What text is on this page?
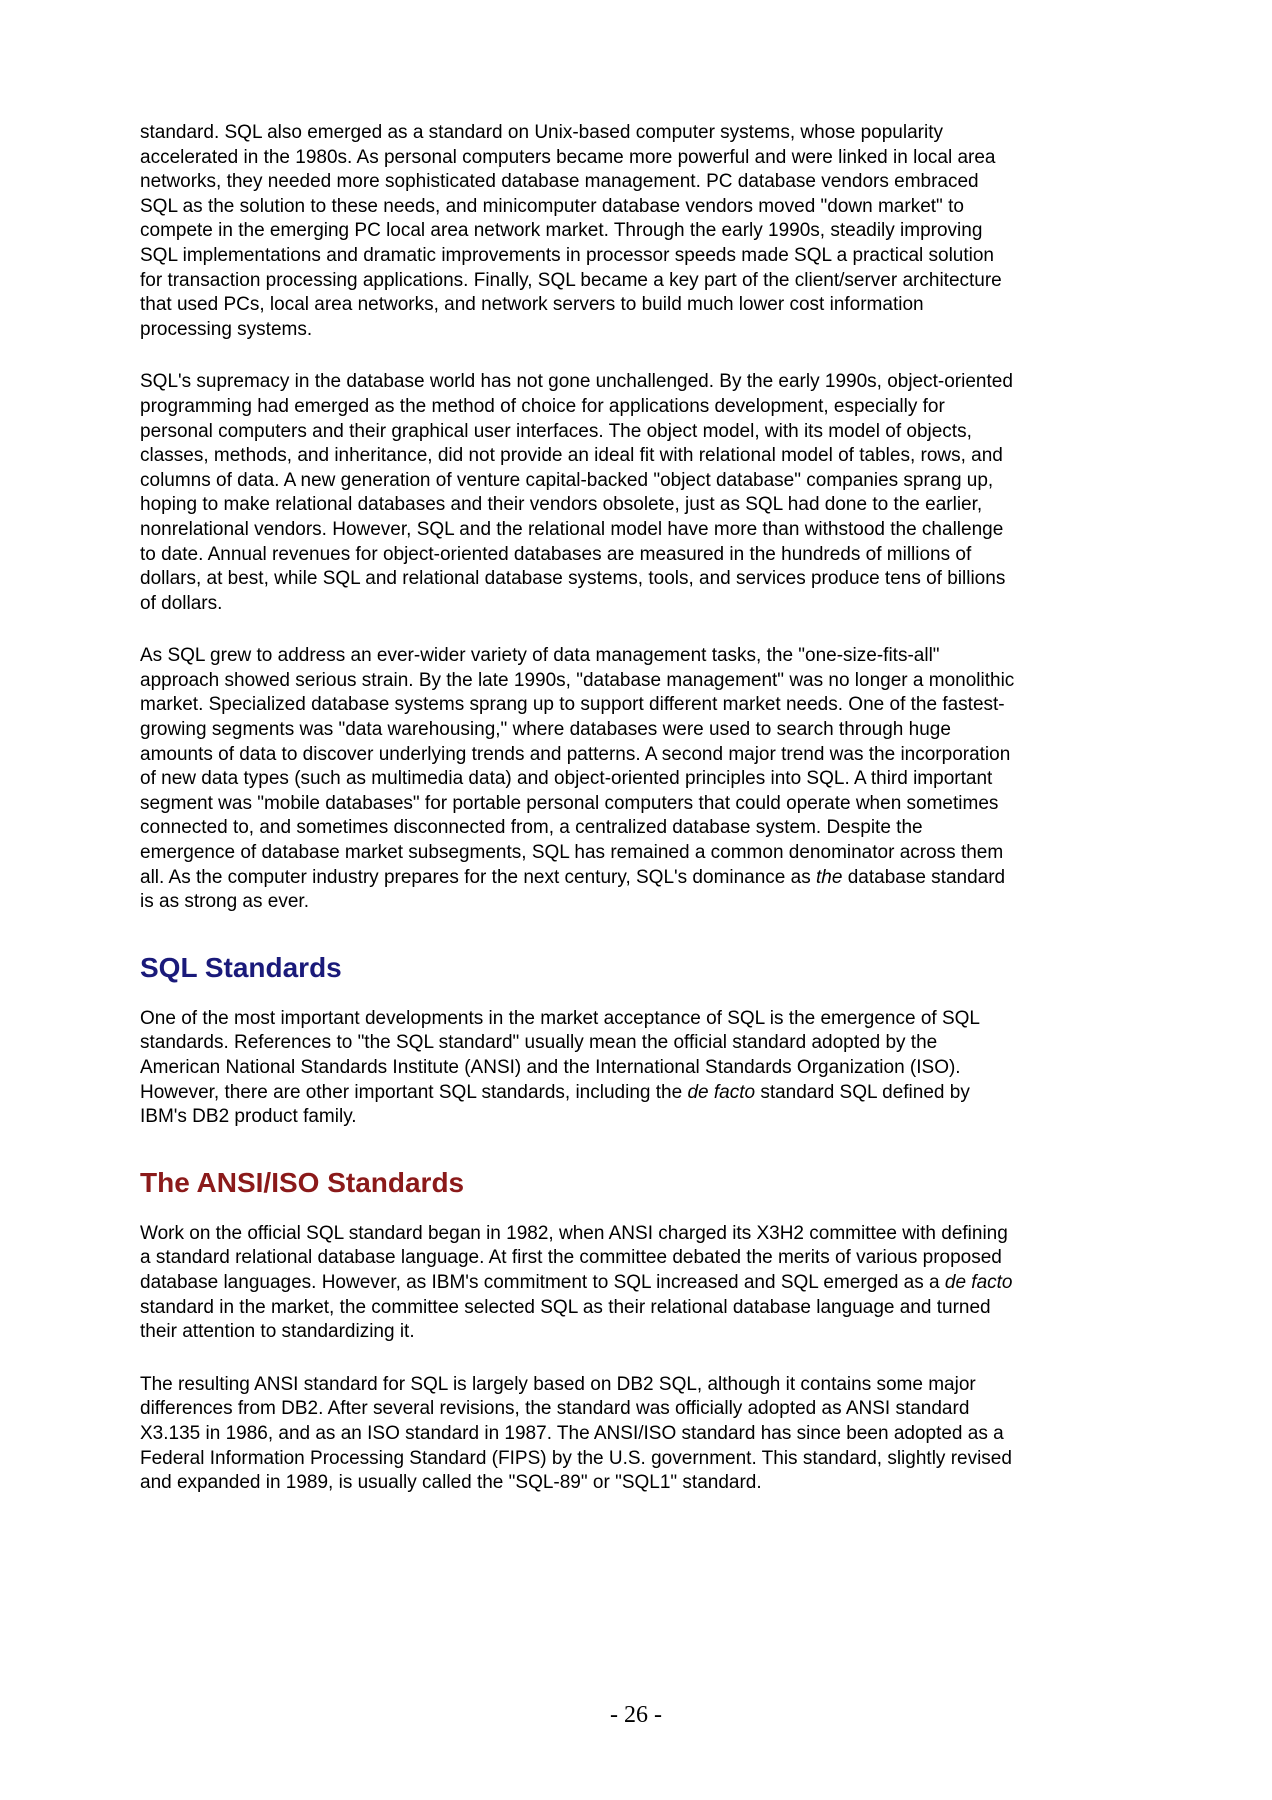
standard. SQL also emerged as a standard on Unix-based computer systems, whose popularity accelerated in the 1980s. As personal computers became more powerful and were linked in local area networks, they needed more sophisticated database management. PC database vendors embraced SQL as the solution to these needs, and minicomputer database vendors moved "down market" to compete in the emerging PC local area network market. Through the early 1990s, steadily improving SQL implementations and dramatic improvements in processor speeds made SQL a practical solution for transaction processing applications. Finally, SQL became a key part of the client/server architecture that used PCs, local area networks, and network servers to build much lower cost information processing systems.

SQL's supremacy in the database world has not gone unchallenged. By the early 1990s, object-oriented programming had emerged as the method of choice for applications development, especially for personal computers and their graphical user interfaces. The object model, with its model of objects, classes, methods, and inheritance, did not provide an ideal fit with relational model of tables, rows, and columns of data. A new generation of venture capital-backed "object database" companies sprang up, hoping to make relational databases and their vendors obsolete, just as SQL had done to the earlier, nonrelational vendors. However, SQL and the relational model have more than withstood the challenge to date. Annual revenues for object-oriented databases are measured in the hundreds of millions of dollars, at best, while SQL and relational database systems, tools, and services produce tens of billions of dollars.

As SQL grew to address an ever-wider variety of data management tasks, the "one-size-fits-all" approach showed serious strain. By the late 1990s, "database management" was no longer a monolithic market. Specialized database systems sprang up to support different market needs. One of the fastest-growing segments was "data warehousing," where databases were used to search through huge amounts of data to discover underlying trends and patterns. A second major trend was the incorporation of new data types (such as multimedia data) and object-oriented principles into SQL. A third important segment was "mobile databases" for portable personal computers that could operate when sometimes connected to, and sometimes disconnected from, a centralized database system. Despite the emergence of database market subsegments, SQL has remained a common denominator across them all. As the computer industry prepares for the next century, SQL's dominance as the database standard is as strong as ever.

SQL Standards

One of the most important developments in the market acceptance of SQL is the emergence of SQL standards. References to "the SQL standard" usually mean the official standard adopted by the American National Standards Institute (ANSI) and the International Standards Organization (ISO). However, there are other important SQL standards, including the de facto standard SQL defined by IBM's DB2 product family.

The ANSI/ISO Standards

Work on the official SQL standard began in 1982, when ANSI charged its X3H2 committee with defining a standard relational database language. At first the committee debated the merits of various proposed database languages. However, as IBM's commitment to SQL increased and SQL emerged as a de facto standard in the market, the committee selected SQL as their relational database language and turned their attention to standardizing it.

The resulting ANSI standard for SQL is largely based on DB2 SQL, although it contains some major differences from DB2. After several revisions, the standard was officially adopted as ANSI standard X3.135 in 1986, and as an ISO standard in 1987. The ANSI/ISO standard has since been adopted as a Federal Information Processing Standard (FIPS) by the U.S. government. This standard, slightly revised and expanded in 1989, is usually called the "SQL-89" or "SQL1" standard.

- 26 -
